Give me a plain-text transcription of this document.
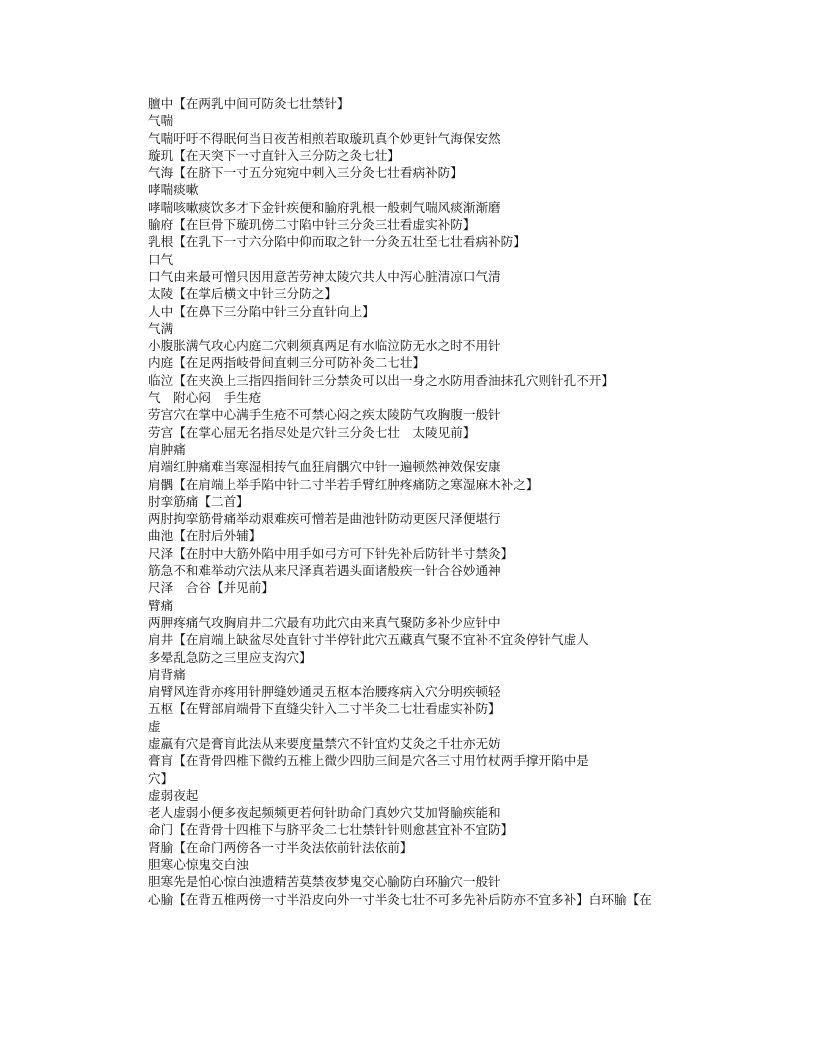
膻中【在两乳中间可防灸七壮禁针】
气喘
气喘吁吁不得眠何当日夜苦相煎若取璇玑真个妙更针气海保安然
璇玑【在天突下一寸直针入三分防之灸七壮】
气海【在脐下一寸五分宛宛中刺入三分灸七壮看病补防】
哮喘痰嗽
哮喘咳嗽痰饮多才下金针疾便和腧府乳根一般刺气喘风痰渐渐磨
腧府【在巨骨下璇玑傍二寸陷中针三分灸三壮看虚实补防】
乳根【在乳下一寸六分陷中仰而取之针一分灸五壮至七壮看病补防】
口气
口气由来最可憎只因用意苦劳神太陵穴共人中泻心脏清凉口气清
太陵【在掌后横文中针三分防之】
人中【在鼻下三分陷中针三分直针向上】
气满
小腹胀满气攻心内庭二穴刺须真两足有水临泣防无水之时不用针
内庭【在足两指岐骨间直刺三分可防补灸二七壮】
临泣【在夹涣上三指四指间针三分禁灸可以出一身之水防用香油抹孔穴则针孔不开】
气　附心闷　手生疮
劳宫穴在掌中心满手生疮不可禁心闷之疾太陵防气攻胸腹一般针
劳宫【在掌心屈无名指尽处是穴针三分灸七壮　太陵见前】
肩肿痛
肩端红肿痛难当寒湿相抟气血狂肩髃穴中针一遍顿然神效保安康
肩髃【在肩端上举手陷中针二寸半若手臂红肿疼痛防之寒湿麻木补之】
肘挛筋痛【二首】
两肘拘挛筋骨痛举动艰难疾可憎若是曲池针防动更医尺泽便堪行
曲池【在肘后外辅】
尺泽【在肘中大筋外陷中用手如弓方可下针先补后防针半寸禁灸】
筋急不和难举动穴法从来尺泽真若遇头面诸般疾一针合谷妙通神
尺泽　合谷【并见前】
臂痛
两胛疼痛气攻胸肩井二穴最有功此穴由来真气聚防多补少应针中
肩井【在肩端上缺盆尽处直针寸半停针此穴五藏真气聚不宜补不宜灸停针气虚人
多晕乱急防之三里应支沟穴】
肩背痛
肩臂风连背亦疼用针胛缝妙通灵五枢本治腰疼病入穴分明疾顿轻
五枢【在臂部肩端骨下直缝尖针入二寸半灸二七壮看虚实补防】
虚
虚羸有穴是膏肓此法从来要度量禁穴不针宜灼艾灸之千壮亦无妨
膏肓【在背骨四椎下微约五椎上微少四肋三间是穴各三寸用竹杖两手撑开陷中是
穴】
虚弱夜起
老人虚弱小便多夜起频频更若何针助命门真妙穴艾加肾腧疾能和
命门【在背骨十四椎下与脐平灸二七壮禁针针则愈甚宜补不宜防】
肾腧【在命门两傍各一寸半灸法依前针法依前】
胆寒心惊鬼交白浊
胆寒先是怕心惊白浊遗精苦莫禁夜梦鬼交心腧防白环腧穴一般针
心腧【在背五椎两傍一寸半沿皮向外一寸半灸七壮不可多先补后防亦不宜多补】白环腧【在
